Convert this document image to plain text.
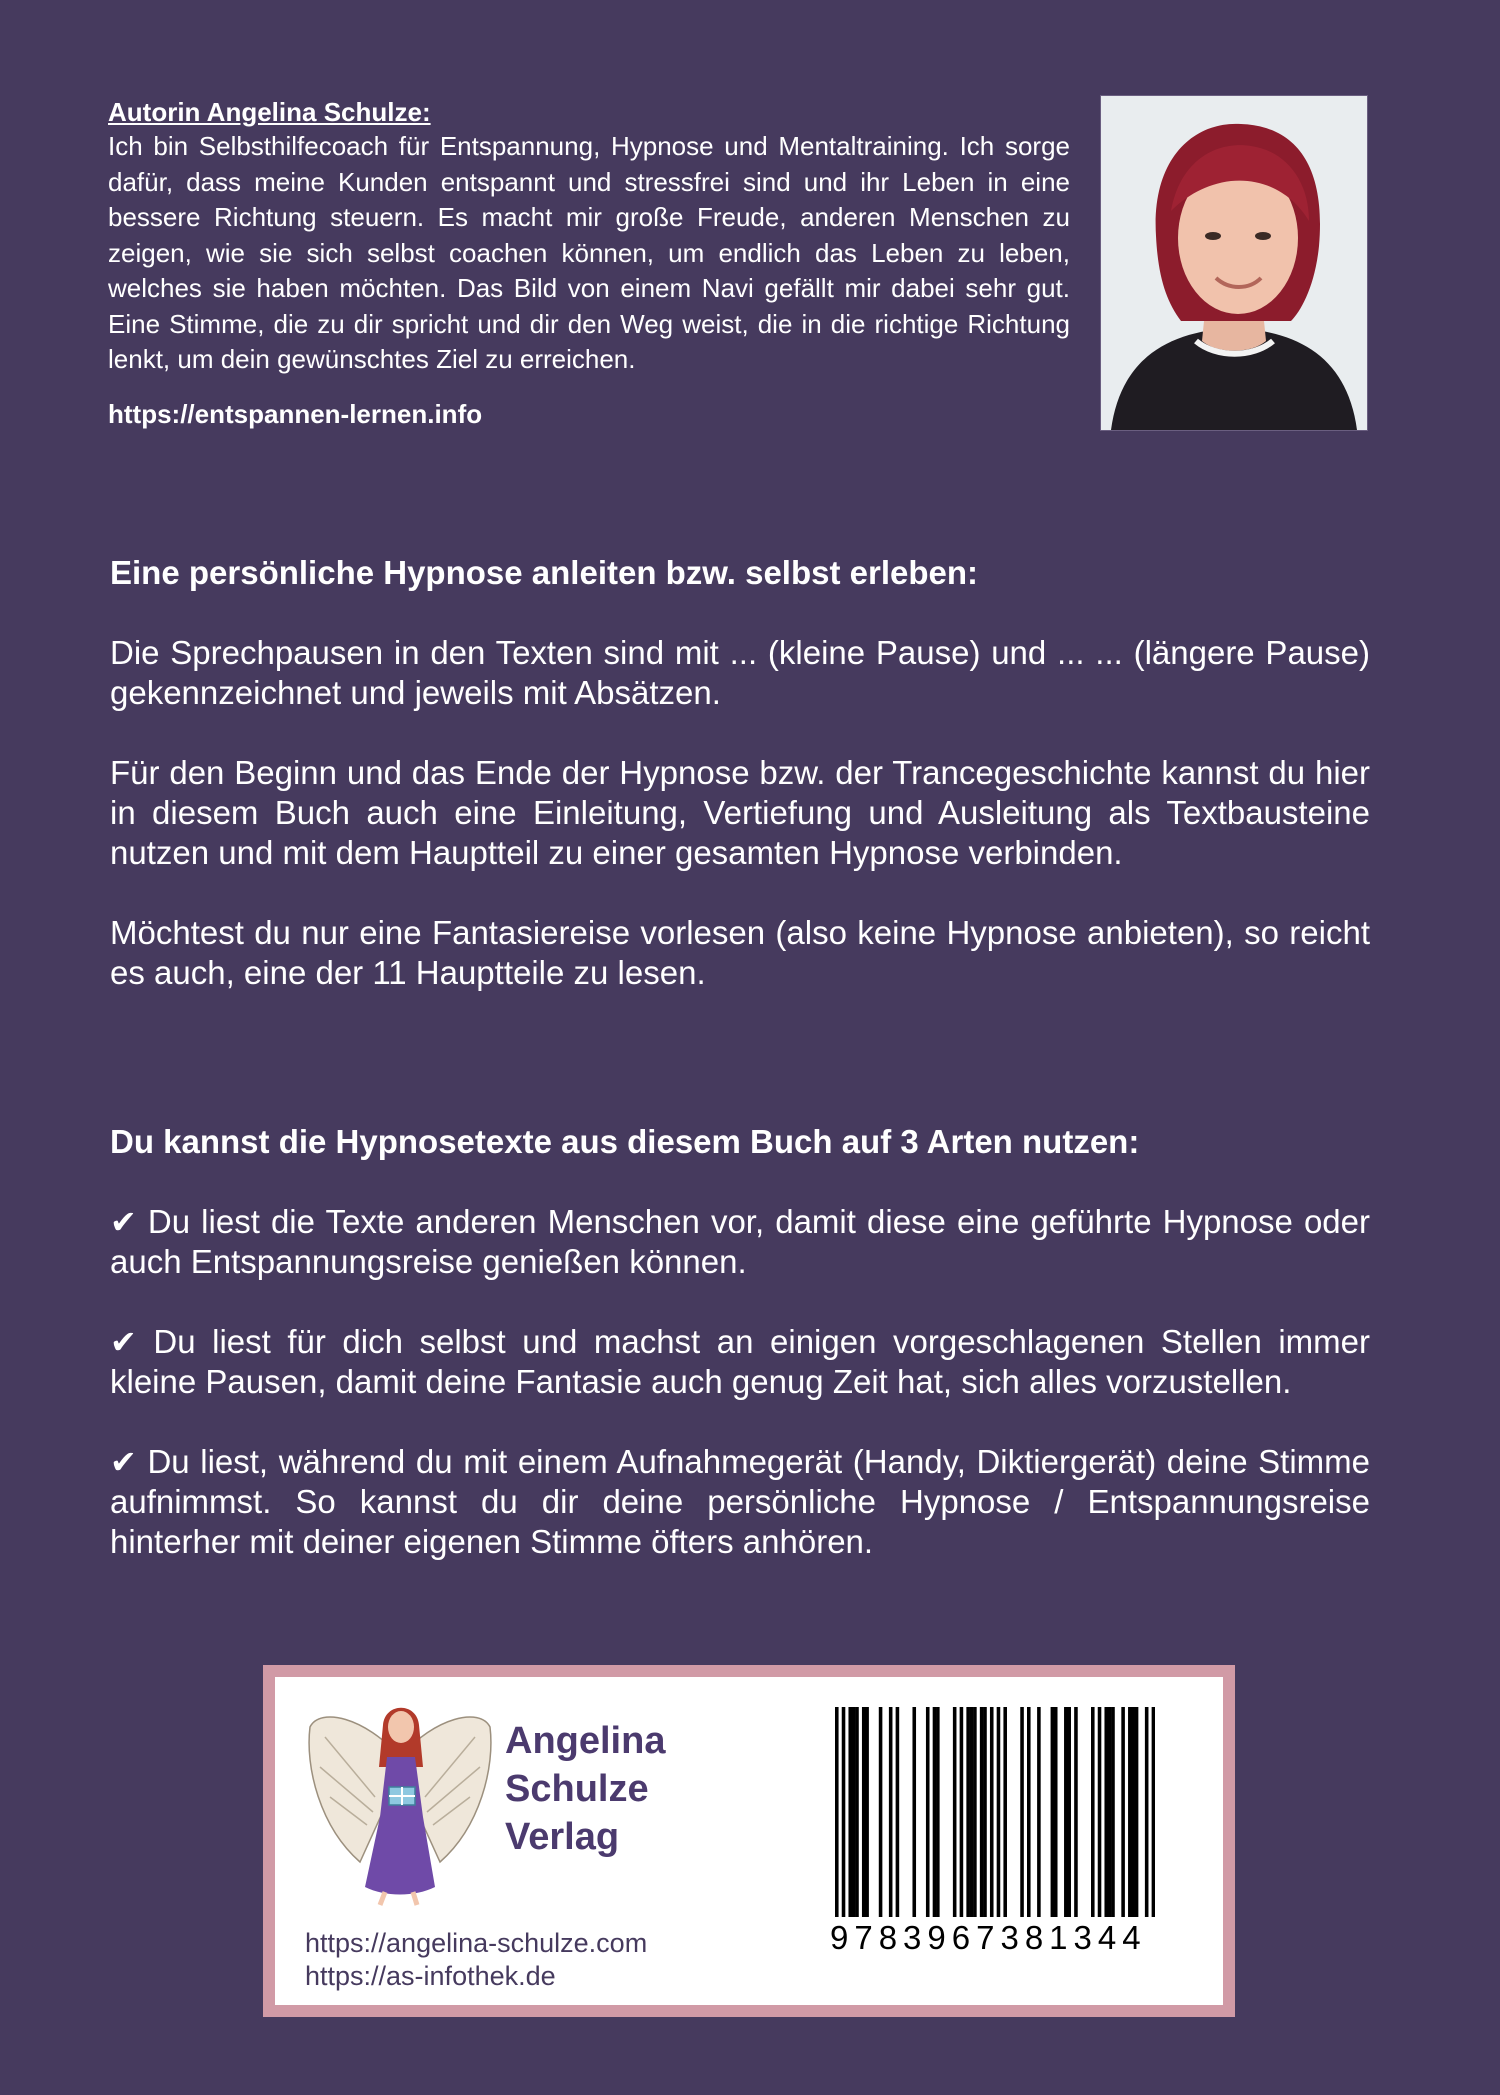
Autorin Angelina Schulze:

Ich bin Selbsthilfecoach für Entspannung, Hypnose und Mentaltraining. Ich sorge dafür, dass meine Kunden entspannt und stressfrei sind und ihr Leben in eine bessere Richtung steuern. Es macht mir große Freude, anderen Menschen zu zeigen, wie sie sich selbst coachen können, um endlich das Leben zu leben, welches sie haben möchten. Das Bild von einem Navi gefällt mir dabei sehr gut. Eine Stimme, die zu dir spricht und dir den Weg weist, die in die richtige Richtung lenkt, um dein gewünschtes Ziel zu erreichen.

https://entspannen-lernen.info
Eine persönliche Hypnose anleiten bzw. selbst erleben:

Die Sprechpausen in den Texten sind mit ... (kleine Pause) und ... ... (längere Pause) gekennzeichnet und jeweils mit Absätzen.

Für den Beginn und das Ende der Hypnose bzw. der Trancegeschichte kannst du hier in diesem Buch auch eine Einleitung, Vertiefung und Ausleitung als Textbausteine nutzen und mit dem Hauptteil zu einer gesamten Hypnose verbinden.

Möchtest du nur eine Fantasiereise vorlesen (also keine Hypnose anbieten), so reicht es auch, eine der 11 Hauptteile zu lesen.

Du kannst die Hypnosetexte aus diesem Buch auf 3 Arten nutzen:

✔ Du liest die Texte anderen Menschen vor, damit diese eine geführte Hypnose oder auch Entspannungsreise genießen können.

✔ Du liest für dich selbst und machst an einigen vorgeschlagenen Stellen immer kleine Pausen, damit deine Fantasie auch genug Zeit hat, sich alles vorzustellen.

✔ Du liest, während du mit einem Aufnahmegerät (Handy, Diktiergerät) deine Stimme aufnimmst. So kannst du dir deine persönliche Hypnose / Entspannungsreise hinterher mit deiner eigenen Stimme öfters anhören.

Angelina
Schulze
Verlag
https://angelina-schulze.com
https://as-infothek.de
9783967381344
